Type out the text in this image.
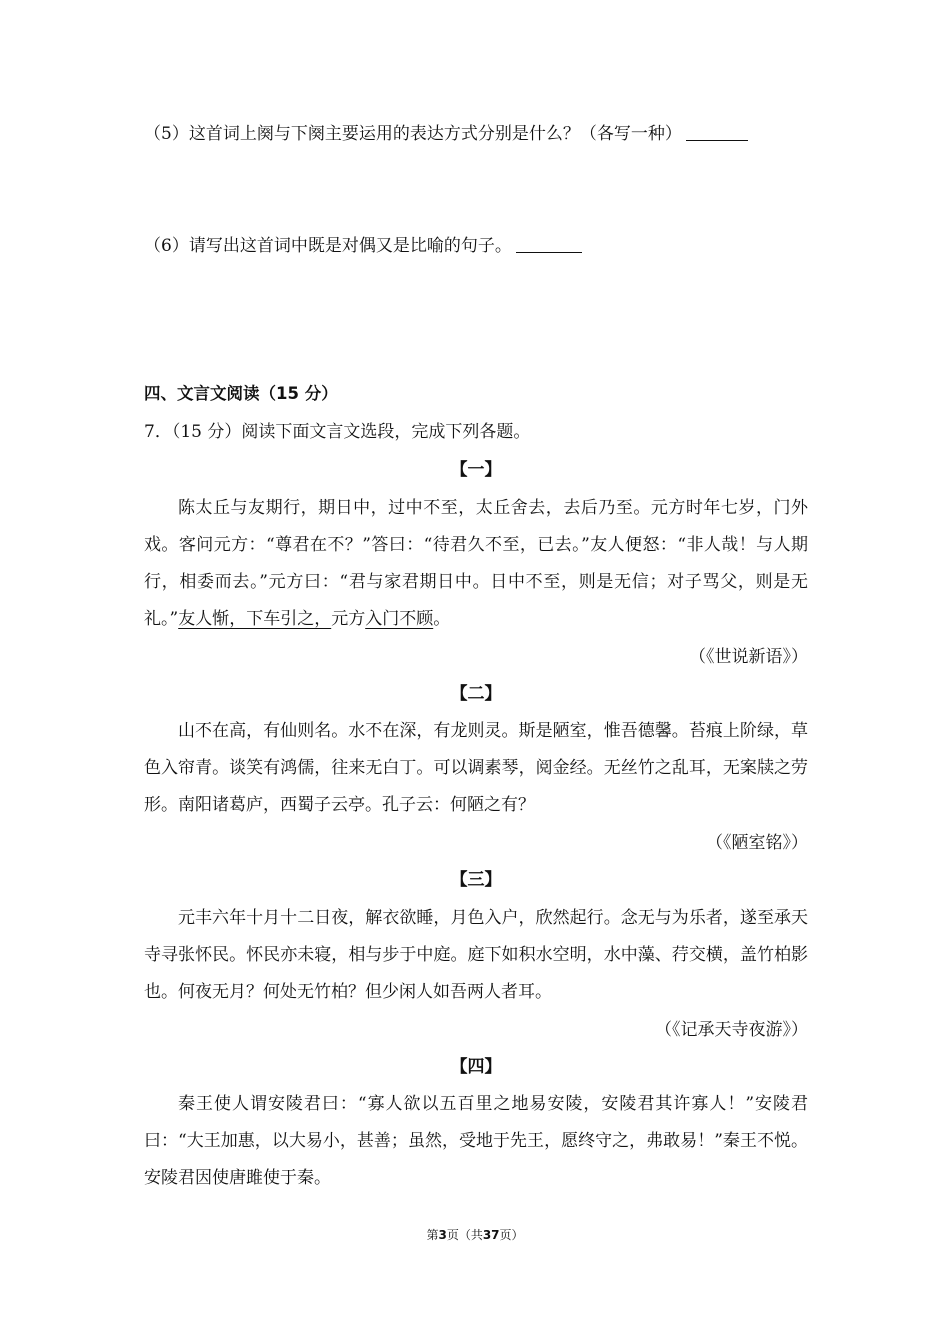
（5）这首词上阕与下阕主要运用的表达方式分别是什么？（各写一种）
（6）请写出这首词中既是对偶又是比喻的句子。
四、文言文阅读（15 分）
7．（15 分）阅读下面文言文选段，完成下列各题。
【一】

陈太丘与友期行，期日中，过中不至，太丘舍去，去后乃至。元方时年七岁，门外戏。客问元方：“尊君在不？”答曰：“待君久不至，已去。”友人便怒：“非人哉！与人期行，相委而去。”元方曰：“君与家君期日中。日中不至，则是无信；对子骂父，则是无礼。”友人惭，下车引之，元方入门不顾。

（《世说新语》）
【二】

山不在高，有仙则名。水不在深，有龙则灵。斯是陋室，惟吾德馨。苔痕上阶绿，草色入帘青。谈笑有鸿儒，往来无白丁。可以调素琴，阅金经。无丝竹之乱耳，无案牍之劳形。南阳诸葛庐，西蜀子云亭。孔子云：何陋之有？

（《陋室铭》）
【三】

元丰六年十月十二日夜，解衣欲睡，月色入户，欣然起行。念无与为乐者，遂至承天寺寻张怀民。怀民亦未寝，相与步于中庭。庭下如积水空明，水中藻、荇交横，盖竹柏影也。何夜无月？何处无竹柏？但少闲人如吾两人者耳。

（《记承天寺夜游》）
【四】

秦王使人谓安陵君曰：“寡人欲以五百里之地易安陵，安陵君其许寡人！”安陵君曰：“大王加惠，以大易小，甚善；虽然，受地于先王，愿终守之，弗敢易！”秦王不悦。安陵君因使唐雎使于秦。

第3页（共37页）
